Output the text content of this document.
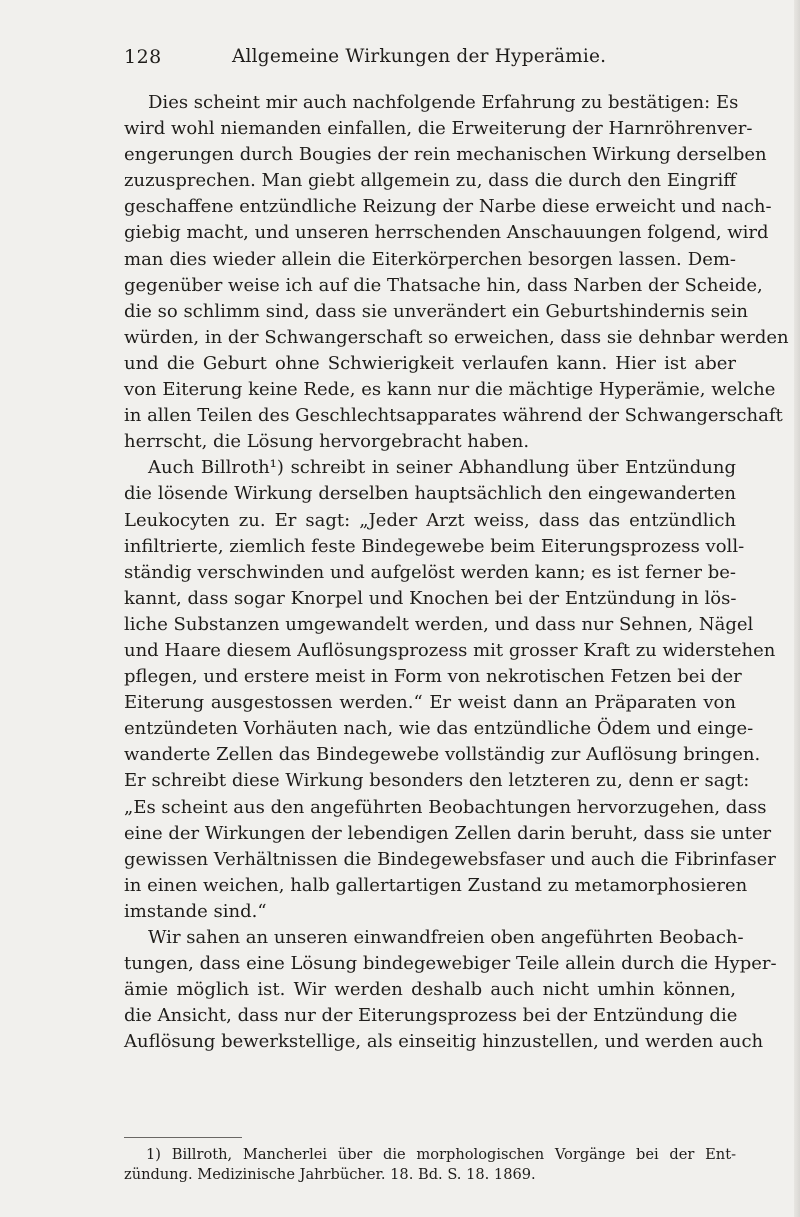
128	Allgemeine Wirkungen der Hyperämie.
Dies scheint mir auch nachfolgende Erfahrung zu bestätigen: Es
wird wohl niemanden einfallen, die Erweiterung der Harnröhrenver-
engerungen durch Bougies der rein mechanischen Wirkung derselben
zuzusprechen. Man giebt allgemein zu, dass die durch den Eingriff
geschaffene entzündliche Reizung der Narbe diese erweicht und nach-
giebig macht, und unseren herrschenden Anschauungen folgend, wird
man dies wieder allein die Eiterkörperchen besorgen lassen. Dem-
gegenüber weise ich auf die Thatsache hin, dass Narben der Scheide,
die so schlimm sind, dass sie unverändert ein Geburtshindernis sein
würden, in der Schwangerschaft so erweichen, dass sie dehnbar werden
und die Geburt ohne Schwierigkeit verlaufen kann. Hier ist aber
von Eiterung keine Rede, es kann nur die mächtige Hyperämie, welche
in allen Teilen des Geschlechtsapparates während der Schwangerschaft
herrscht, die Lösung hervorgebracht haben.
Auch Billroth¹) schreibt in seiner Abhandlung über Entzündung
die lösende Wirkung derselben hauptsächlich den eingewanderten
Leukocyten zu. Er sagt: „Jeder Arzt weiss, dass das entzündlich
infiltrierte, ziemlich feste Bindegewebe beim Eiterungsprozess voll-
ständig verschwinden und aufgelöst werden kann; es ist ferner be-
kannt, dass sogar Knorpel und Knochen bei der Entzündung in lös-
liche Substanzen umgewandelt werden, und dass nur Sehnen, Nägel
und Haare diesem Auflösungsprozess mit grosser Kraft zu widerstehen
pflegen, und erstere meist in Form von nekrotischen Fetzen bei der
Eiterung ausgestossen werden.“ Er weist dann an Präparaten von
entzündeten Vorhäuten nach, wie das entzündliche Ödem und einge-
wanderte Zellen das Bindegewebe vollständig zur Auflösung bringen.
Er schreibt diese Wirkung besonders den letzteren zu, denn er sagt:
„Es scheint aus den angeführten Beobachtungen hervorzugehen, dass
eine der Wirkungen der lebendigen Zellen darin beruht, dass sie unter
gewissen Verhältnissen die Bindegewebsfaser und auch die Fibrinfaser
in einen weichen, halb gallertartigen Zustand zu metamorphosieren
imstande sind.“
Wir sahen an unseren einwandfreien oben angeführten Beobach-
tungen, dass eine Lösung bindegewebiger Teile allein durch die Hyper-
ämie möglich ist. Wir werden deshalb auch nicht umhin können,
die Ansicht, dass nur der Eiterungsprozess bei der Entzündung die
Auflösung bewerkstellige, als einseitig hinzustellen, und werden auch
1) Billroth, Mancherlei über die morphologischen Vorgänge bei der Ent-
zündung. Medizinische Jahrbücher. 18. Bd. S. 18. 1869.
